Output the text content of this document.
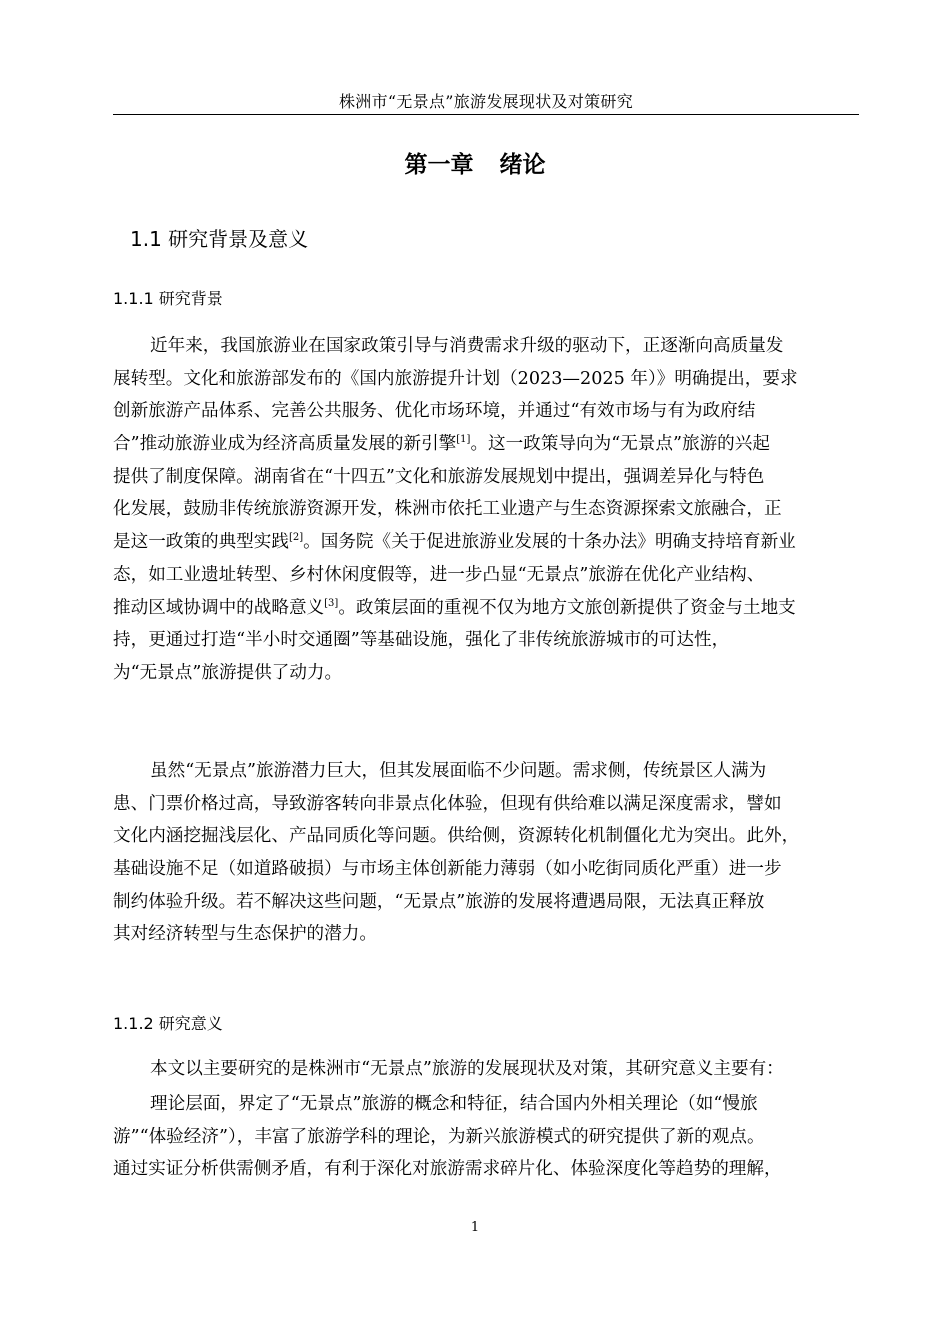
株洲市“无景点”旅游发展现状及对策研究
第一章 绪论
1.1 研究背景及意义
1.1.1 研究背景
近年来，我国旅游业在国家政策引导与消费需求升级的驱动下，正逐渐向高质量发
展转型。文化和旅游部发布的《国内旅游提升计划（2023—2025 年）》明确提出，要求
创新旅游产品体系、完善公共服务、优化市场环境，并通过“有效市场与有为政府结
合”推动旅游业成为经济高质量发展的新引擎[1]。这一政策导向为“无景点”旅游的兴起
提供了制度保障。湖南省在“十四五”文化和旅游发展规划中提出，强调差异化与特色
化发展，鼓励非传统旅游资源开发，株洲市依托工业遗产与生态资源探索文旅融合，正
是这一政策的典型实践[2]。国务院《关于促进旅游业发展的十条办法》明确支持培育新业
态，如工业遗址转型、乡村休闲度假等，进一步凸显“无景点”旅游在优化产业结构、
推动区域协调中的战略意义[3]。政策层面的重视不仅为地方文旅创新提供了资金与土地支
持，更通过打造“半小时交通圈”等基础设施，强化了非传统旅游城市的可达性，
为“无景点”旅游提供了动力。
虽然“无景点”旅游潜力巨大，但其发展面临不少问题。需求侧，传统景区人满为
患、门票价格过高，导致游客转向非景点化体验，但现有供给难以满足深度需求，譬如
文化内涵挖掘浅层化、产品同质化等问题。供给侧，资源转化机制僵化尤为突出。此外，
基础设施不足（如道路破损）与市场主体创新能力薄弱（如小吃街同质化严重）进一步
制约体验升级。若不解决这些问题，“无景点”旅游的发展将遭遇局限，无法真正释放
其对经济转型与生态保护的潜力。
1.1.2 研究意义
本文以主要研究的是株洲市“无景点”旅游的发展现状及对策，其研究意义主要有：
理论层面，界定了“无景点”旅游的概念和特征，结合国内外相关理论（如“慢旅
游”“体验经济”），丰富了旅游学科的理论，为新兴旅游模式的研究提供了新的观点。
通过实证分析供需侧矛盾，有利于深化对旅游需求碎片化、体验深度化等趋势的理解，
1
